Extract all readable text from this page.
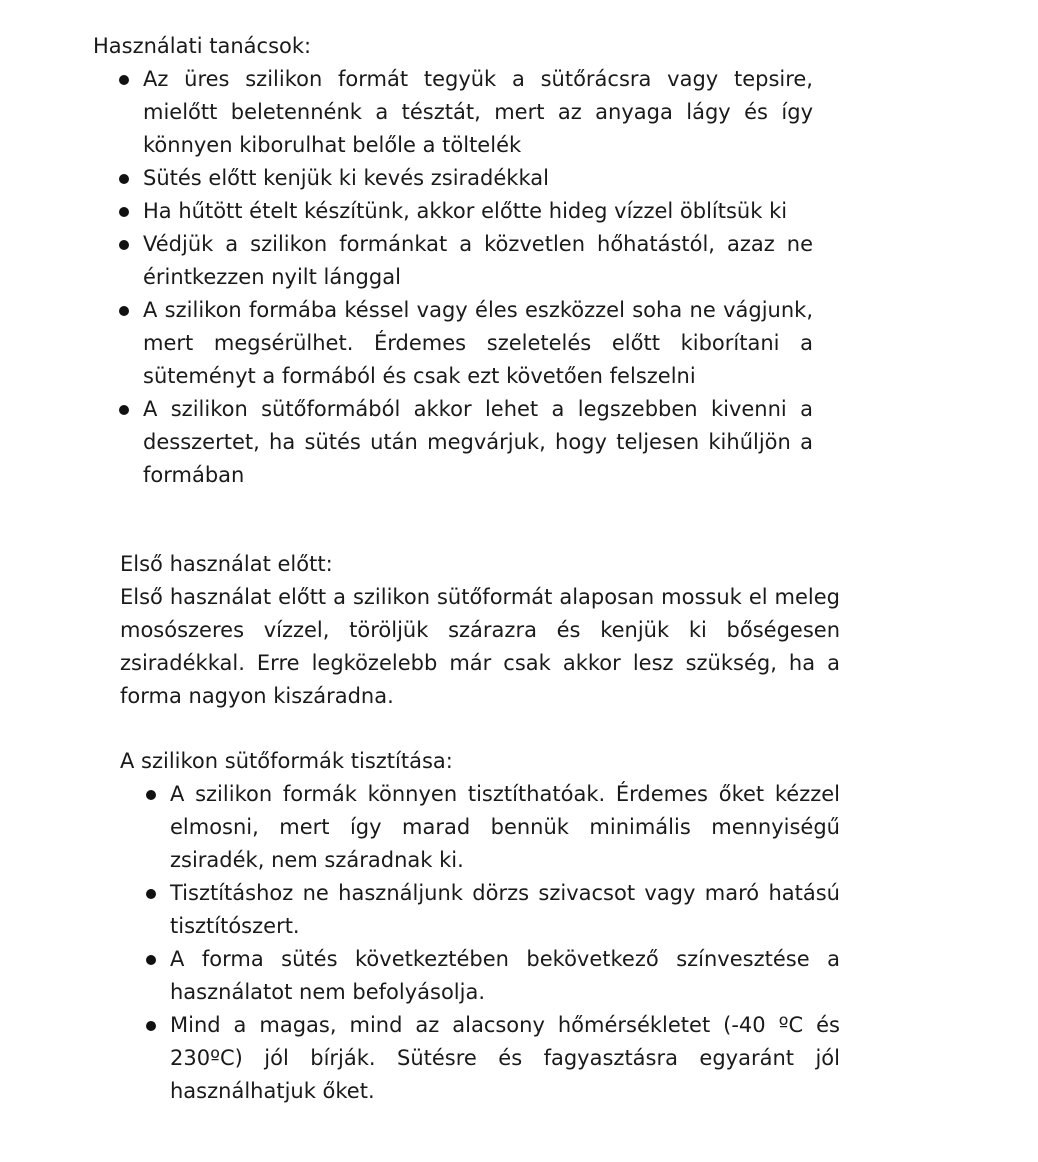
Használati tanácsok:

Az üres szilikon formát tegyük a sütőrácsra vagy tepsire, mielőtt beletennénk a tésztát, mert az anyaga lágy és így könnyen kiborulhat belőle a töltelék
Sütés előtt kenjük ki kevés zsiradékkal
Ha hűtött ételt készítünk, akkor előtte hideg vízzel öblítsük ki
Védjük a szilikon formánkat a közvetlen hőhatástól, azaz ne érintkezzen nyilt lánggal
A szilikon formába késsel vagy éles eszközzel soha ne vágjunk, mert megsérülhet. Érdemes szeletelés előtt kiborítani a süteményt a formából és csak ezt követően felszelni
A szilikon sütőformából akkor lehet a legszebben kivenni a desszertet, ha sütés után megvárjuk, hogy teljesen kihűljön a formában

Első használat előtt:

Első használat előtt a szilikon sütőformát alaposan mossuk el meleg mosószeres vízzel, töröljük szárazra és kenjük ki bőségesen zsiradékkal. Erre legközelebb már csak akkor lesz szükség, ha a forma nagyon kiszáradna.

A szilikon sütőformák tisztítása:

A szilikon formák könnyen tisztíthatóak. Érdemes őket kézzel elmosni, mert így marad bennük minimális mennyiségű zsiradék, nem száradnak ki.
Tisztításhoz ne használjunk dörzs szivacsot vagy maró hatású tisztítószert.
A forma sütés következtében bekövetkező színvesztése a használatot nem befolyásolja.
Mind a magas, mind az alacsony hőmérsékletet (-40 ºC és 230ºC) jól bírják. Sütésre és fagyasztásra egyaránt jól használhatjuk őket.
